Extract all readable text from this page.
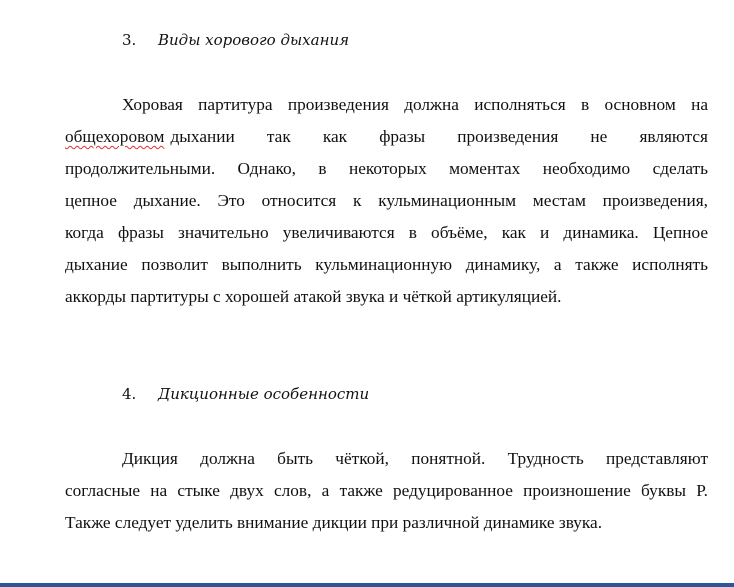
3.	Виды хорового дыхания
Хоровая партитура произведения должна исполняться в основном на
общехоровом дыхании так как фразы произведения не являются
продолжительными. Однако, в некоторых моментах необходимо сделать
цепное дыхание. Это относится к кульминационным местам произведения,
когда фразы значительно увеличиваются в объёме, как и динамика. Цепное
дыхание позволит выполнить кульминационную динамику, а также исполнять
аккорды партитуры с хорошей атакой звука и чёткой артикуляцией.
4.	Дикционные особенности
Дикция должна быть чёткой, понятной. Трудность представляют
согласные на стыке двух слов, а также редуцированное произношение буквы Р.
Также следует уделить внимание дикции при различной динамике звука.
